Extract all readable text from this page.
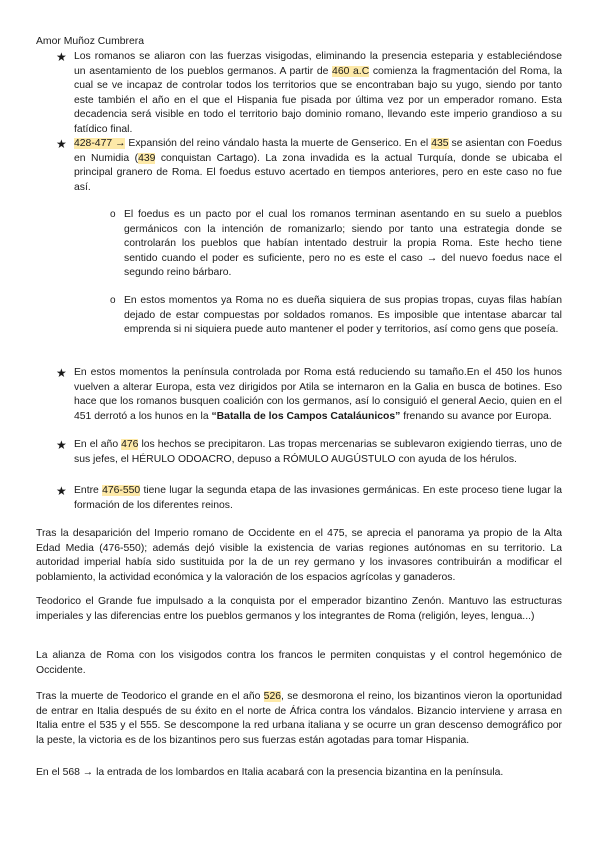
Amor Muñoz Cumbrera
★ Los romanos se aliaron con las fuerzas visigodas, eliminando la presencia esteparia y estableciéndose un asentamiento de los pueblos germanos. A partir de 460 a.C comienza la fragmentación del Roma, la cual se ve incapaz de controlar todos los territorios que se encontraban bajo su yugo, siendo por tanto este también el año en el que el Hispania fue pisada por última vez por un emperador romano. Esta decadencia será visible en todo el territorio bajo dominio romano, llevando este imperio grandioso a su fatídico final.
★ 428-477 → Expansión del reino vándalo hasta la muerte de Genserico. En el 435 se asientan con Foedus en Numidia (439 conquistan Cartago). La zona invadida es la actual Turquía, donde se ubicaba el principal granero de Roma. El foedus estuvo acertado en tiempos anteriores, pero en este caso no fue así.
o El foedus es un pacto por el cual los romanos terminan asentando en su suelo a pueblos germánicos con la intención de romanizarlo; siendo por tanto una estrategia donde se controlarán los pueblos que habían intentado destruir la propia Roma. Este hecho tiene sentido cuando el poder es suficiente, pero no es este el caso → del nuevo foedus nace el segundo reino bárbaro.
o En estos momentos ya Roma no es dueña siquiera de sus propias tropas, cuyas filas habían dejado de estar compuestas por soldados romanos. Es imposible que intentase abarcar tal emprenda si ni siquiera puede auto mantener el poder y territorios, así como gens que poseía.
★ En estos momentos la península controlada por Roma está reduciendo su tamaño.En el 450 los hunos vuelven a alterar Europa, esta vez dirigidos por Atila se internaron en la Galia en busca de botines. Eso hace que los romanos busquen coalición con los germanos, así lo consiguió el general Aecio, quien en el 451 derrotó a los hunos en la “Batalla de los Campos Cataláunicos” frenando su avance por Europa.
★ En el año 476 los hechos se precipitaron. Las tropas mercenarias se sublevaron exigiendo tierras, uno de sus jefes, el HÉRULO ODOACRO, depuso a RÓMULO AUGÚSTULO con ayuda de los hérulos.
★ Entre 476-550 tiene lugar la segunda etapa de las invasiones germánicas. En este proceso tiene lugar la formación de los diferentes reinos.
Tras la desaparición del Imperio romano de Occidente en el 475, se aprecia el panorama ya propio de la Alta Edad Media (476-550); además dejó visible la existencia de varias regiones autónomas en su territorio. La autoridad imperial había sido sustituida por la de un rey germano y los invasores contribuirán a modificar el poblamiento, la actividad económica y la valoración de los espacios agrícolas y ganaderos.
Teodorico el Grande fue impulsado a la conquista por el emperador bizantino Zenón. Mantuvo las estructuras imperiales y las diferencias entre los pueblos germanos y los integrantes de Roma (religión, leyes, lengua...)
La alianza de Roma con los visigodos contra los francos le permiten conquistas y el control hegemónico de Occidente.
Tras la muerte de Teodorico el grande en el año 526, se desmorona el reino, los bizantinos vieron la oportunidad de entrar en Italia después de su éxito en el norte de África contra los vándalos. Bizancio interviene y arrasa en Italia entre el 535 y el 555. Se descompone la red urbana italiana y se ocurre un gran descenso demográfico por la peste, la victoria es de los bizantinos pero sus fuerzas están agotadas para tomar Hispania.
En el 568 → la entrada de los lombardos en Italia acabará con la presencia bizantina en la península.
